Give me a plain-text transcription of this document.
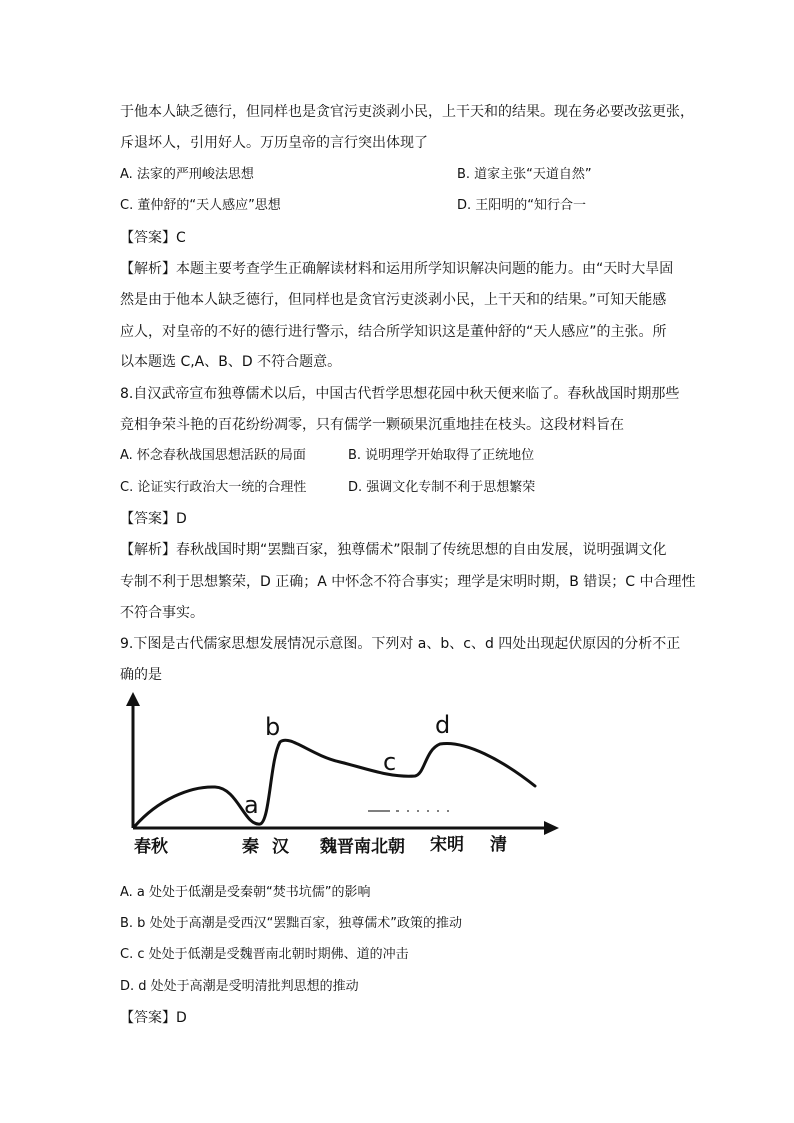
于他本人缺乏德行，但同样也是贪官污吏淡剥小民，上干天和的结果。现在务必要改弦更张，
斥退坏人，引用好人。万历皇帝的言行突出体现了
A. 法家的严刑峻法思想	B. 道家主张“天道自然”
C. 董仲舒的“天人感应”思想	D. 王阳明的“知行合一
【答案】C
【解析】本题主要考查学生正确解读材料和运用所学知识解决问题的能力。由“天时大旱固
然是由于他本人缺乏德行，但同样也是贪官污吏淡剥小民，上干天和的结果。”可知天能感
应人，对皇帝的不好的德行进行警示，结合所学知识这是董仲舒的“天人感应”的主张。所
以本题选 C,A、B、D 不符合题意。
8.自汉武帝宣布独尊儒术以后，中国古代哲学思想花园中秋天便来临了。春秋战国时期那些
竞相争荣斗艳的百花纷纷凋零，只有儒学一颗硕果沉重地挂在枝头。这段材料旨在
A. 怀念春秋战国思想活跃的局面	B. 说明理学开始取得了正统地位
C. 论证实行政治大一统的合理性	D. 强调文化专制不利于思想繁荣
【答案】D
【解析】春秋战国时期“罢黜百家，独尊儒术”限制了传统思想的自由发展，说明强调文化
专制不利于思想繁荣，D 正确；A 中怀念不符合事实；理学是宋明时期，B 错误；C 中合理性
不符合事实。
9.下图是古代儒家思想发展情况示意图。下列对 a、b、c、d 四处出现起伏原因的分析不正
确的是
a
b
c
d
春秋	秦 汉 魏晋南北朝 宋明 清
A. a 处处于低潮是受秦朝“焚书坑儒”的影响
B. b 处处于高潮是受西汉“罢黜百家，独尊儒术”政策的推动
C. c 处处于低潮是受魏晋南北朝时期佛、道的冲击
D. d 处处于高潮是受明清批判思想的推动
【答案】D
